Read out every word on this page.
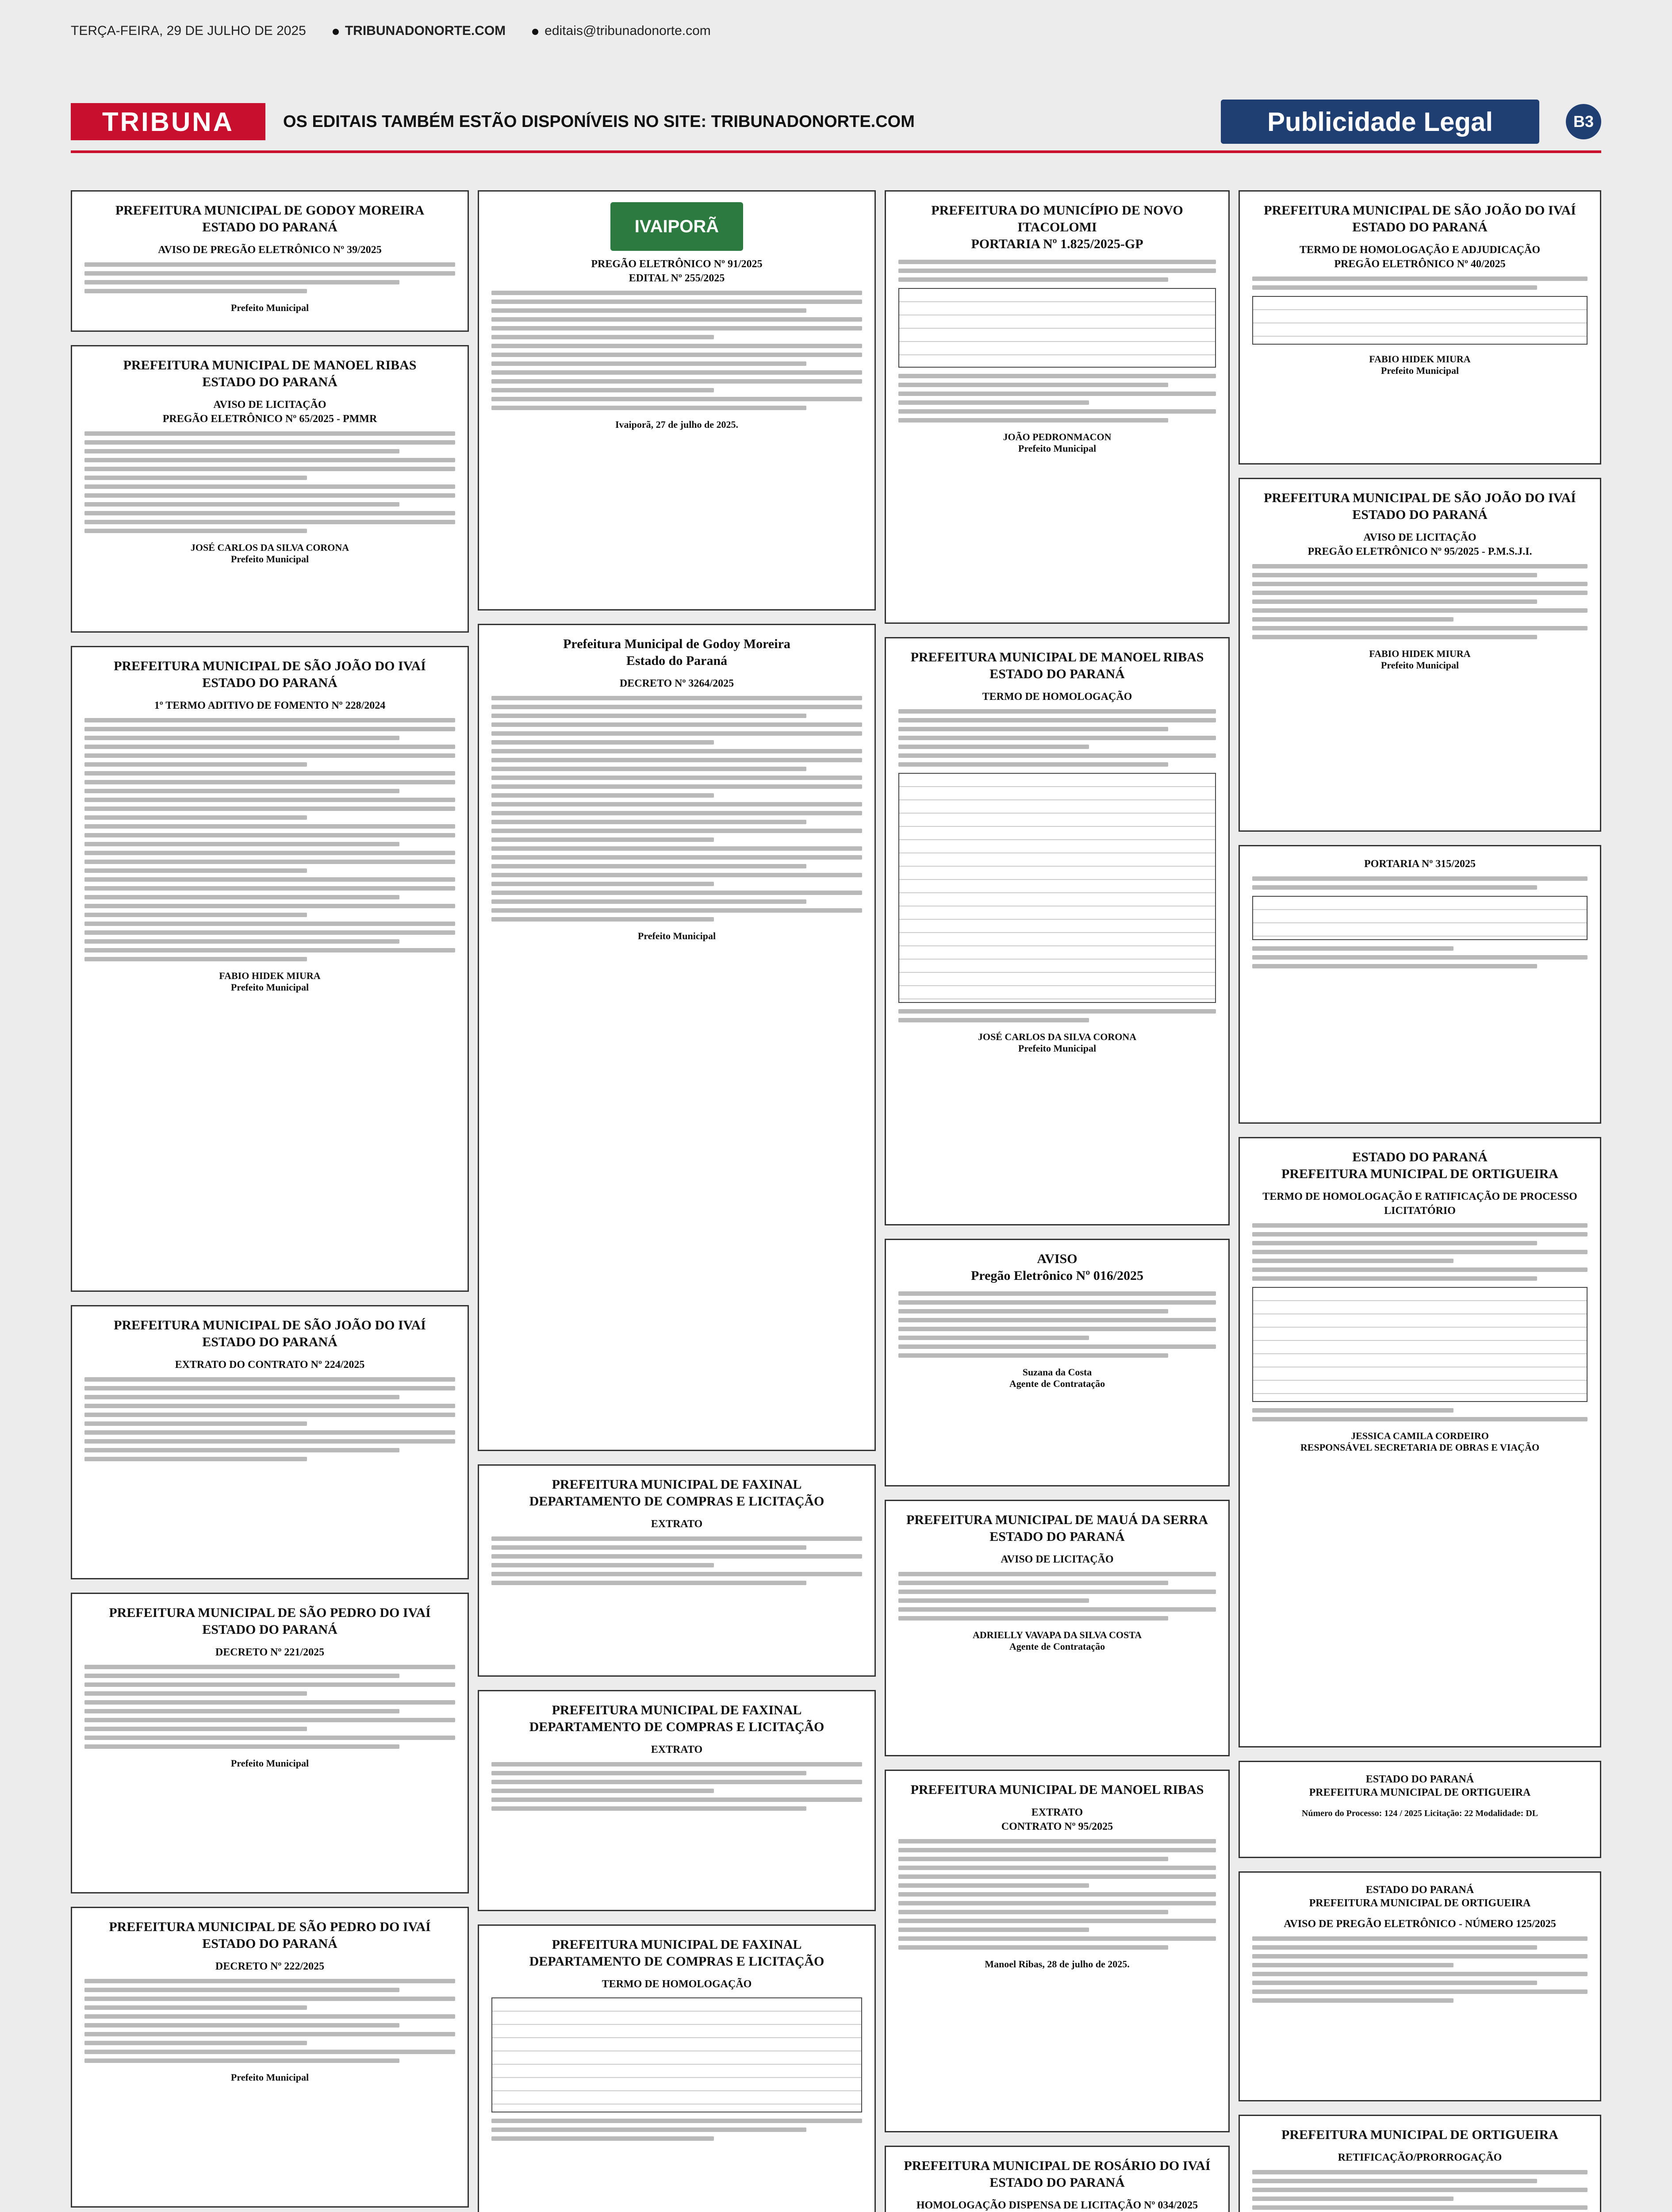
TERÇA-FEIRA, 29 DE JULHO DE 2025	TRIBUNADONORTE.COM	editais@tribunadonorte.com
TRIBUNA	OS EDITAIS TAMBÉM ESTÃO DISPONÍVEIS NO SITE: TRIBUNADONORTE.COM	Publicidade Legal	B3
PREFEITURA MUNICIPAL DE GODOY MOREIRA
ESTADO DO PARANÁ
AVISO DE PREGÃO ELETRÔNICO Nº 39/2025
Prefeito Municipal
PREFEITURA MUNICIPAL DE MANOEL RIBAS
ESTADO DO PARANÁ
AVISO DE LICITAÇÃO
PREGÃO ELETRÔNICO Nº 65/2025 - PMMR
JOSÉ CARLOS DA SILVA CORONA
Prefeito Municipal
PREFEITURA MUNICIPAL DE SÃO JOÃO DO IVAÍ
ESTADO DO PARANÁ
1º TERMO ADITIVO DE FOMENTO Nº 228/2024
FABIO HIDEK MIURA
Prefeito Municipal
PREFEITURA MUNICIPAL DE SÃO JOÃO DO IVAÍ
ESTADO DO PARANÁ
EXTRATO DO CONTRATO Nº 224/2025
PREFEITURA MUNICIPAL DE SÃO PEDRO DO IVAÍ
ESTADO DO PARANÁ
DECRETO Nº 221/2025
Prefeito Municipal
PREFEITURA MUNICIPAL DE SÃO PEDRO DO IVAÍ
ESTADO DO PARANÁ
DECRETO Nº 222/2025
Prefeito Municipal
IVAIPORÃ
PREGÃO ELETRÔNICO Nº 91/2025
EDITAL Nº 255/2025
Ivaiporã, 27 de julho de 2025.
Prefeitura Municipal de Godoy Moreira
Estado do Paraná
DECRETO Nº 3264/2025
Prefeito Municipal
PREFEITURA MUNICIPAL DE FAXINAL
DEPARTAMENTO DE COMPRAS E LICITAÇÃO
EXTRATO
PREFEITURA MUNICIPAL DE FAXINAL
DEPARTAMENTO DE COMPRAS E LICITAÇÃO
EXTRATO
PREFEITURA MUNICIPAL DE FAXINAL
DEPARTAMENTO DE COMPRAS E LICITAÇÃO
TERMO DE HOMOLOGAÇÃO
PREFEITURA DO MUNICÍPIO DE NOVO ITACOLOMI
PORTARIA Nº 1.825/2025-GP
JOÃO PEDRONMACON
Prefeito Municipal
PREFEITURA MUNICIPAL DE MANOEL RIBAS
ESTADO DO PARANÁ
TERMO DE HOMOLOGAÇÃO
JOSÉ CARLOS DA SILVA CORONA
Prefeito Municipal
AVISO
Pregão Eletrônico Nº 016/2025
Suzana da Costa
Agente de Contratação
PREFEITURA MUNICIPAL DE MAUÁ DA SERRA
ESTADO DO PARANÁ
AVISO DE LICITAÇÃO
ADRIELLY VAVAPA DA SILVA COSTA
Agente de Contratação
PREFEITURA MUNICIPAL DE MANOEL RIBAS
EXTRATO
CONTRATO Nº 95/2025
Manoel Ribas, 28 de julho de 2025.
PREFEITURA MUNICIPAL DE ROSÁRIO DO IVAÍ
ESTADO DO PARANÁ
HOMOLOGAÇÃO DISPENSA DE LICITAÇÃO Nº 034/2025
PREFEITURA MUNICIPAL DE SÃO JOÃO DO IVAÍ
ESTADO DO PARANÁ
TERMO DE HOMOLOGAÇÃO E ADJUDICAÇÃO
PREGÃO ELETRÔNICO Nº 40/2025
FABIO HIDEK MIURA
Prefeito Municipal
PREFEITURA MUNICIPAL DE SÃO JOÃO DO IVAÍ
ESTADO DO PARANÁ
AVISO DE LICITAÇÃO
PREGÃO ELETRÔNICO Nº 95/2025 - P.M.S.J.I.
FABIO HIDEK MIURA
Prefeito Municipal
PORTARIA Nº 315/2025
ESTADO DO PARANÁ
PREFEITURA MUNICIPAL DE ORTIGUEIRA
TERMO DE HOMOLOGAÇÃO E RATIFICAÇÃO DE PROCESSO LICITATÓRIO
JESSICA CAMILA CORDEIRO
RESPONSÁVEL SECRETARIA DE OBRAS E VIAÇÃO
ESTADO DO PARANÁ
PREFEITURA MUNICIPAL DE ORTIGUEIRA
Número do Processo: 124 / 2025 Licitação: 22 Modalidade: DL
ESTADO DO PARANÁ
PREFEITURA MUNICIPAL DE ORTIGUEIRA
AVISO DE PREGÃO ELETRÔNICO - NÚMERO 125/2025
PREFEITURA MUNICIPAL DE ORTIGUEIRA
RETIFICAÇÃO/PRORROGAÇÃO
